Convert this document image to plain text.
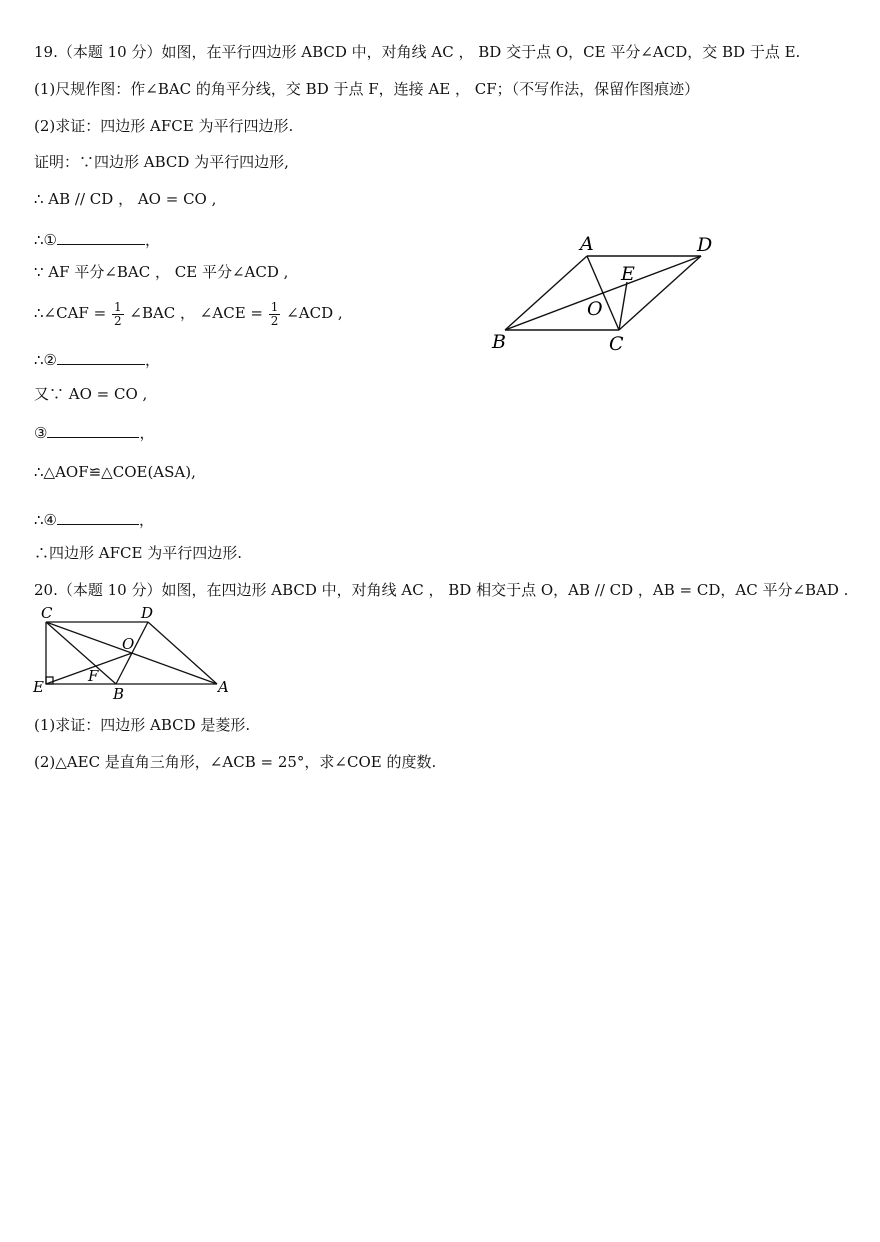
19.（本题 10 分）如图，在平行四边形 ABCD 中，对角线 AC ， BD 交于点 O，CE 平分∠ACD，交 BD 于点 E.
(1)尺规作图：作∠BAC 的角平分线，交 BD 于点 F，连接 AE ， CF；（不写作法，保留作图痕迹）
(2)求证：四边形 AFCE 为平行四边形.
证明：∵四边形 ABCD 为平行四边形,
∴ AB // CD ， AO = CO ,
∴①	，
∵ AF 平分∠BAC ， CE 平分∠ACD ,
∴∠CAF = $\frac{1}{2}$ ∠BAC ， ∠ACE = $\frac{1}{2}$ ∠ACD ,
∴②	，
又∵ AO = CO ,
③	，
∴△AOF≌△COE(ASA),
∴④	，
∴四边形 AFCE 为平行四边形.
A	D
E
O
B	C
20.（本题 10 分）如图，在四边形 ABCD 中，对角线 AC ， BD 相交于点 O，AB // CD ，AB = CD，AC 平分∠BAD .
C	D
O
E
F
B	A
(1)求证：四边形 ABCD 是菱形.
(2)△AEC 是直角三角形，∠ACB = 25°，求∠COE 的度数.
